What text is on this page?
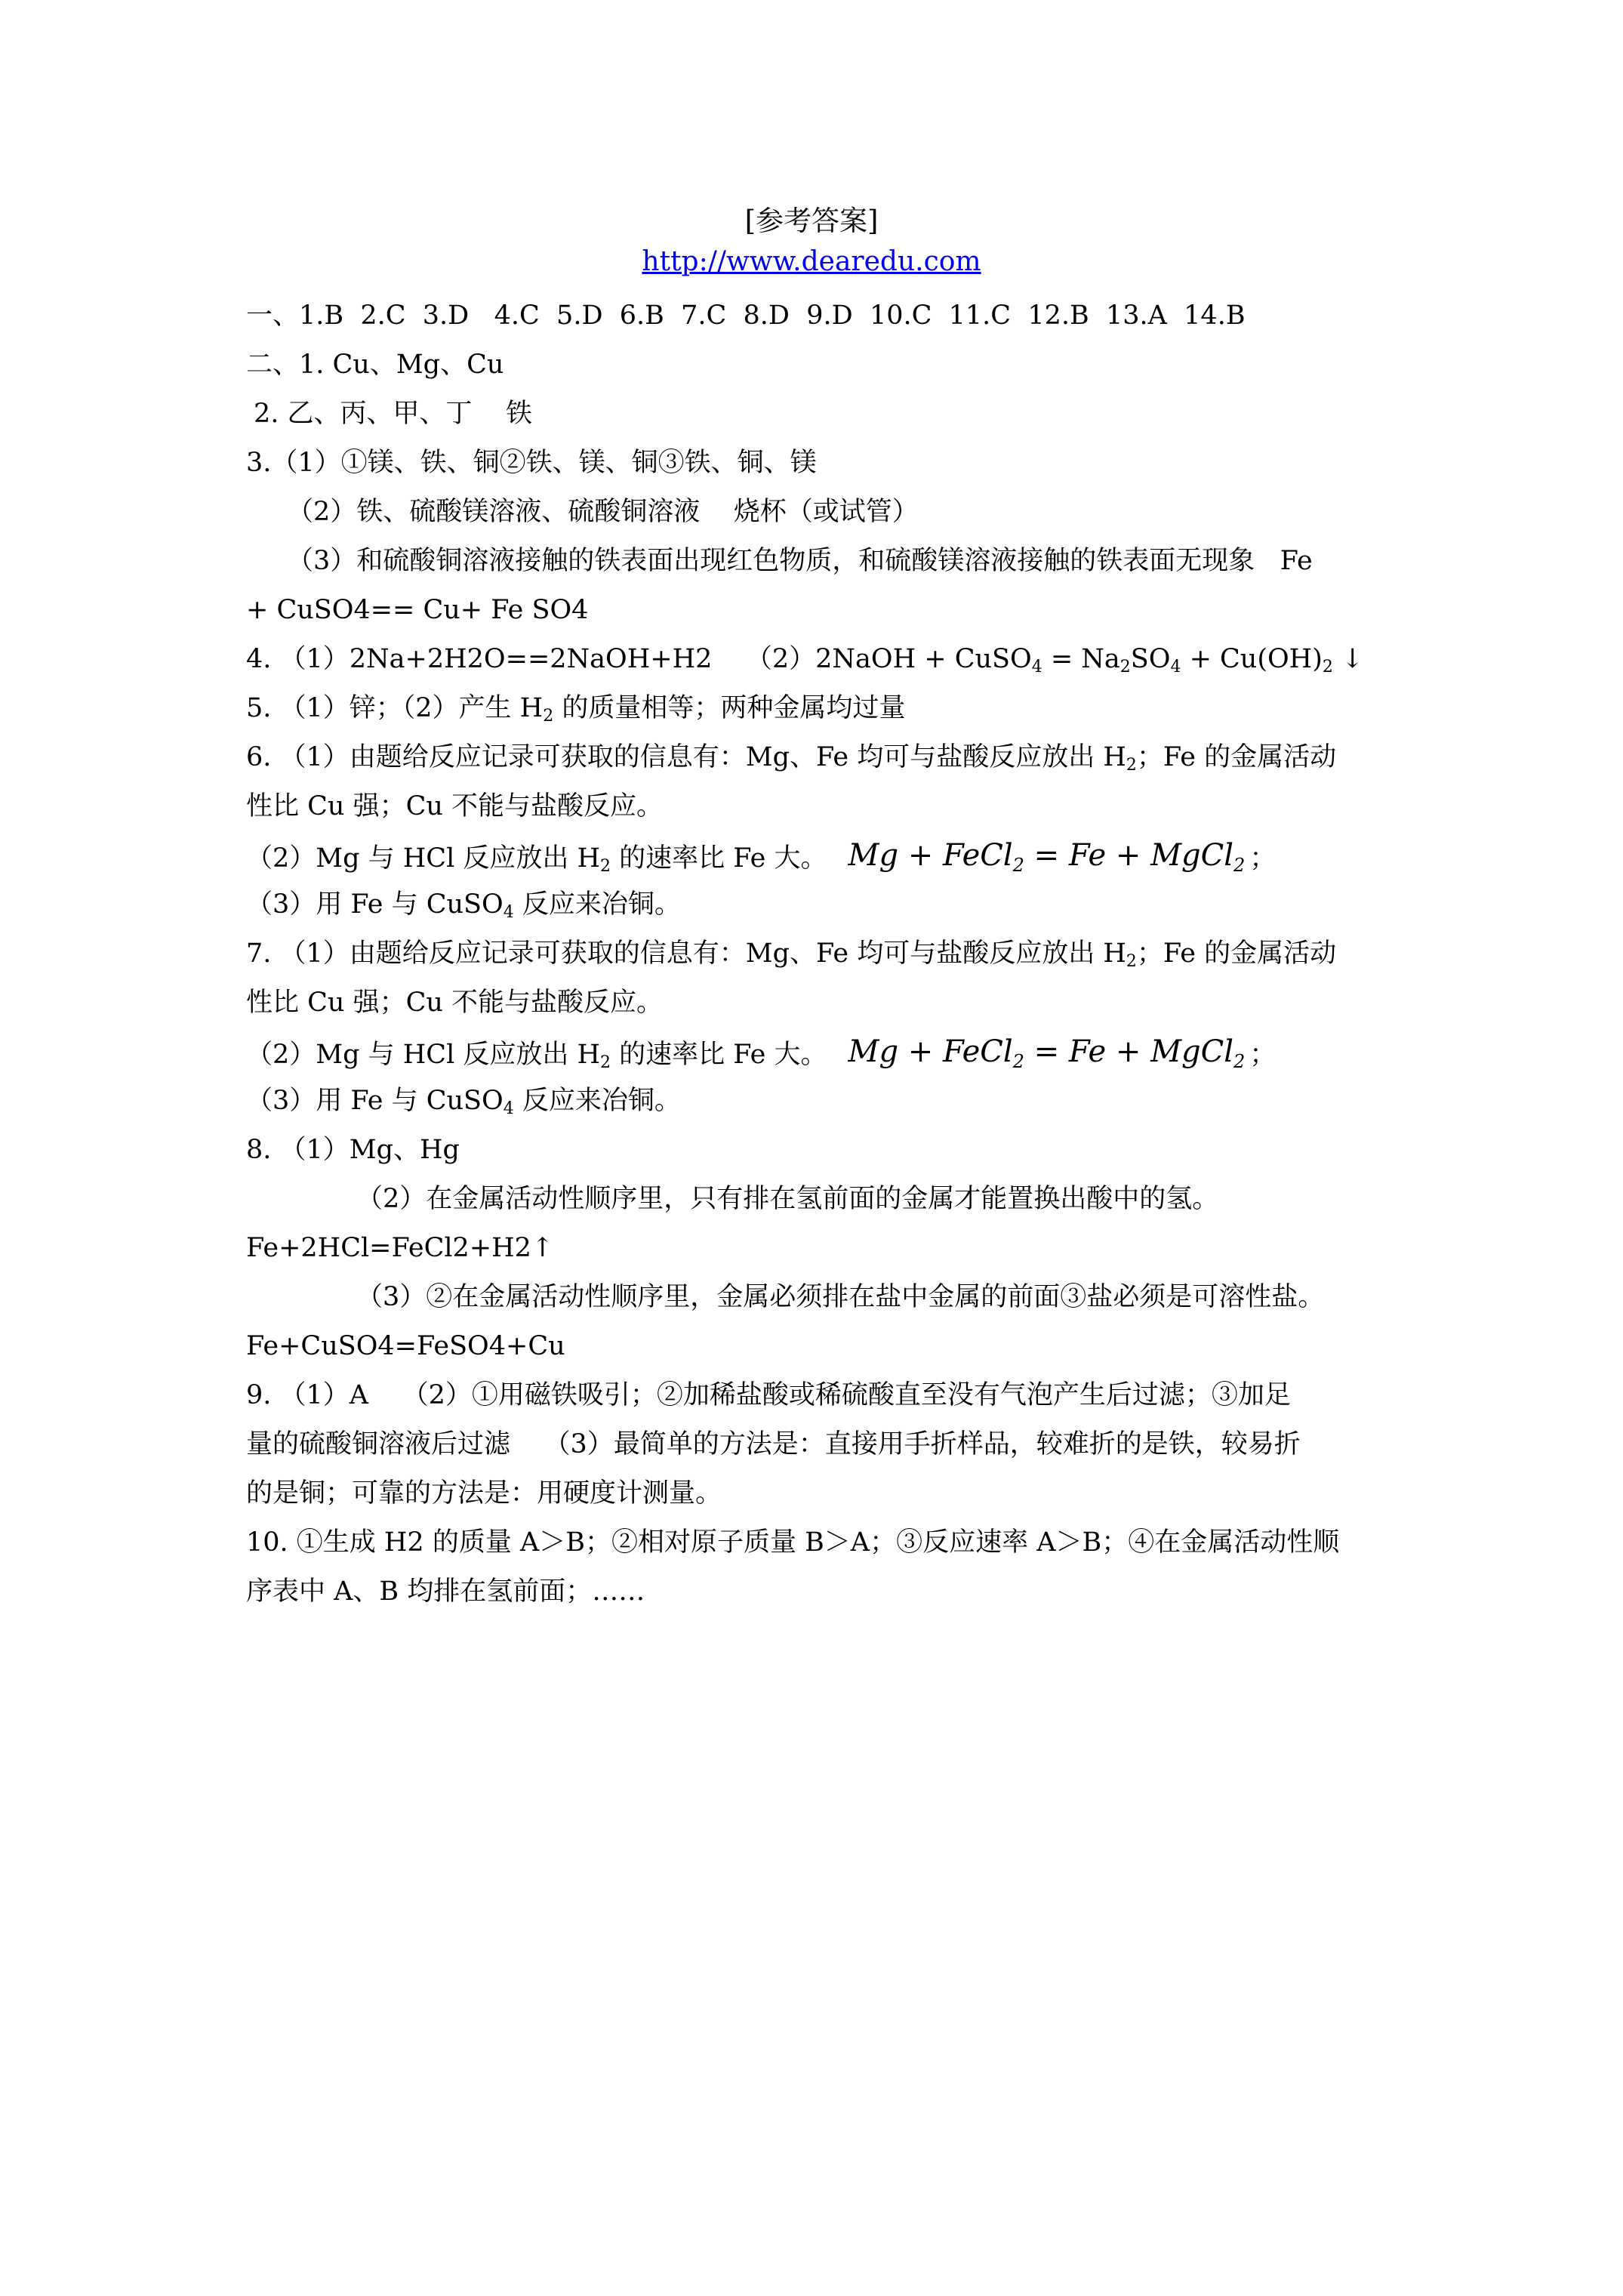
[参考答案]
http://www.dearedu.com
一、1.B  2.C  3.D   4.C  5.D  6.B  7.C  8.D  9.D  10.C  11.C  12.B  13.A  14.B
二、1. Cu、Mg、Cu
2. 乙、丙、甲、丁    铁
3.（1）①镁、铁、铜②铁、镁、铜③铁、铜、镁
（2）铁、硫酸镁溶液、硫酸铜溶液    烧杯（或试管）
（3）和硫酸铜溶液接触的铁表面出现红色物质，和硫酸镁溶液接触的铁表面无现象   Fe
+ CuSO4== Cu+ Fe SO4
4. （1）2Na+2H2O==2NaOH+H2    （2）2NaOH + CuSO$_4$ = $Na_2SO_4 + Cu(OH)_2$ ↓
5. （1）锌；（2）产生 $H_2$ 的质量相等；两种金属均过量
6. （1）由题给反应记录可获取的信息有：Mg、Fe 均可与盐酸反应放出 $H_2$；Fe 的金属活动
性比 Cu 强；Cu 不能与盐酸反应。
（2）Mg 与 HCl 反应放出 $H_2$ 的速率比 Fe 大。 Mg + FeCl$_2$ = Fe + MgCl$_2$ ；
（3）用 Fe 与 CuSO$_4$ 反应来冶铜。
7. （1）由题给反应记录可获取的信息有：Mg、Fe 均可与盐酸反应放出 $H_2$；Fe 的金属活动
性比 Cu 强；Cu 不能与盐酸反应。
（2）Mg 与 HCl 反应放出 $H_2$ 的速率比 Fe 大。 Mg + FeCl$_2$ = Fe + MgCl$_2$ ；
（3）用 Fe 与 CuSO$_4$ 反应来冶铜。
8. （1）Mg、Hg
（2）在金属活动性顺序里，只有排在氢前面的金属才能置换出酸中的氢。
Fe+2HCl=FeCl2+H2↑
（3）②在金属活动性顺序里，金属必须排在盐中金属的前面③盐必须是可溶性盐。
Fe+CuSO4=FeSO4+Cu
9. （1）A    （2）①用磁铁吸引；②加稀盐酸或稀硫酸直至没有气泡产生后过滤；③加足
量的硫酸铜溶液后过滤    （3）最简单的方法是：直接用手折样品，较难折的是铁，较易折
的是铜；可靠的方法是：用硬度计测量。
10. ①生成 H2 的质量 A＞B；②相对原子质量 B＞A；③反应速率 A＞B；④在金属活动性顺
序表中 A、B 均排在氢前面；……
